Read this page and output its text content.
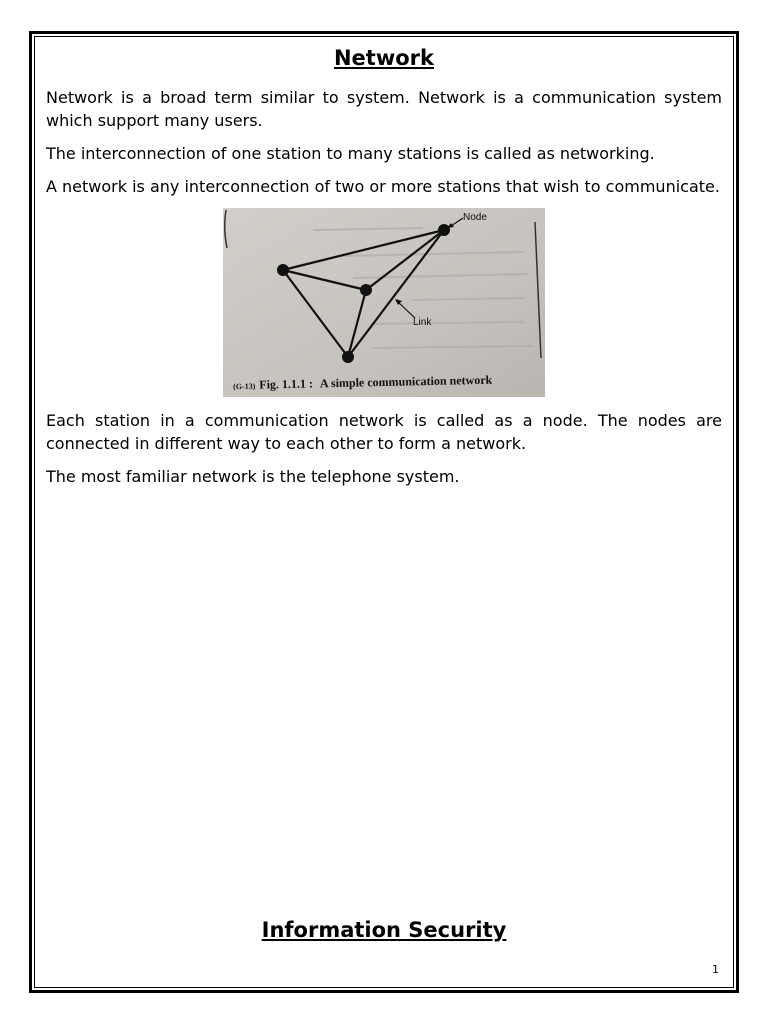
Network

Network is a broad term similar to system. Network is a communication system which support many users.

The interconnection of one station to many stations is called as networking.

A network is any interconnection of two or more stations that wish to communicate.

Node
Link
(G-13) Fig. 1.1.1 : A simple communication network

Each station in a communication network is called as a node. The nodes are connected in different way to each other to form a network.

The most familiar network is the telephone system.

Information Security
1
